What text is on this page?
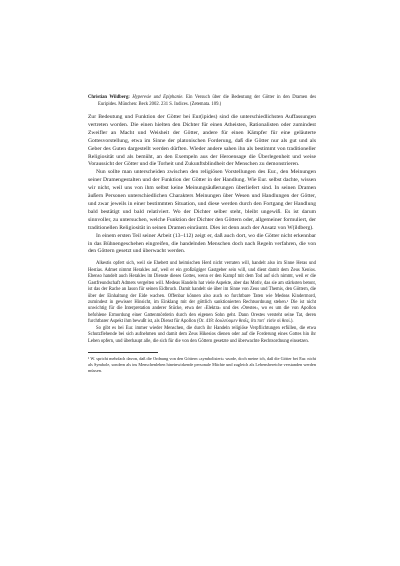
Christian Wildberg: Hyperesie und Epiphanie. Ein Versuch über die Bedeutung der Götter in den Dramen des Euripides. München: Beck 2002. 231 S. Indices. (Zetemata. 109.)

Zur Bedeutung und Funktion der Götter bei Eur(ipides) sind die unterschiedlichsten Auffassungen vertreten worden. Die einen hielten den Dichter für einen Atheisten, Rationalisten oder zumindest Zweifler an Macht und Weisheit der Götter, andere für einen Kämpfer für eine geläuterte Gottesvorstellung, etwa im Sinne der platonischen Forderung, daß die Götter nur als gut und als Geber des Guten dargestellt werden dürften. Wieder andere sahen ihn als bestimmt von traditioneller Religiosität und als bemüht, an den Exempeln aus der Heroensage die Überlegenheit und weise Voraussicht der Götter und die Torheit und Zukunftsblindheit der Menschen zu demonstrieren.

Nun sollte man unterscheiden zwischen den religiösen Vorstellungen des Eur., den Meinungen seiner Dramengestalten und der Funktion der Götter in der Handlung. Wie Eur. selbst dachte, wissen wir nicht, weil uns von ihm selbst keine Meinungsäußerungen überliefert sind. In seinen Dramen äußern Personen unterschiedlichen Charakters Meinungen über Wesen und Handlungen der Götter, und zwar jeweils in einer bestimmten Situation, und diese werden durch den Fortgang der Handlung bald bestätigt und bald relativiert. Wo der Dichter selber steht, bleibt ungewiß. Es ist darum sinnvoller, zu untersuchen, welche Funktion der Dichter den Göttern oder, allgemeiner formuliert, der traditionellen Religiosität in seinen Dramen einräumt. Dies ist denn auch der Ansatz von W(ildberg).

In einem ersten Teil seiner Arbeit (13–112) zeigt er, daß auch dort, wo die Götter nicht erkennbar in das Bühnengeschehen eingreifen, die handelnden Menschen doch nach Regeln verfahren, die von den Göttern gesetzt und überwacht werden.

Alkestis opfert sich, weil sie Ehebett und heimischen Herd nicht verraten will, handelt also im Sinne Heras und Hestias. Admet nimmt Herakles auf, weil er ein großzügiger Gastgeber sein will, und dient damit dem Zeus Xenios. Ebenso handelt auch Herakles im Dienste dieses Gottes, wenn er den Kampf mit dem Tod auf sich nimmt, weil er die Gastfreundschaft Admets vergelten will. Medeas Handeln hat viele Aspekte, aber das Motiv, das sie am stärksten betont, ist das der Rache an Iason für seinen Eidbruch. Damit handelt sie über im Sinne von Zeus und Themis, den Göttern, die über der Einhaltung der Eide wachen. Offenbar können also auch so furchtbare Taten wie Medeas Kindermord, zumindest in gewisser Hinsicht, im Einklang mit der göttlich sanktionierten Rechtsordnung stehen.¹ Die ist nicht unwichtig für die Interpretation anderer Stücke, etwa der ›Elektra‹ und des ›Orestes‹, wo es um die von Apollon befohlene Ermordung einer Gattenmörderin durch den eigenen Sohn geht. Dann Orestes versteht seine Tat, deren furchtbarer Aspekt ihm bewußt ist, als Dienst für Apollon (Or. 418: δουλεύομεν θεοῖς, ὅτι ποτ᾽ εἰσὶν οἱ θεοί.).

So gibt es bei Eur. immer wieder Menschen, die durch ihr Handeln religiöse Verpflichtungen erfüllen, die etwa Schutzflehende bei sich aufnehmen und damit dem Zeus Hikesios dienen oder auf die Forderung eines Gottes hin ihr Leben opfern, und überhaupt alle, die sich für die von den Göttern gesetzte und überwachte Rechtsordnung einsetzen.

¹ W. spricht mehrfach davon, daß die Ordnung von den Göttern »symbolisiert« wurde, doch meine ich, daß die Götter bei Eur. nicht als Symbole, sondern als ins Menschenleben hineinwirkende personale Mächte und zugleich als Lebensbereiche verstanden werden müssen.
